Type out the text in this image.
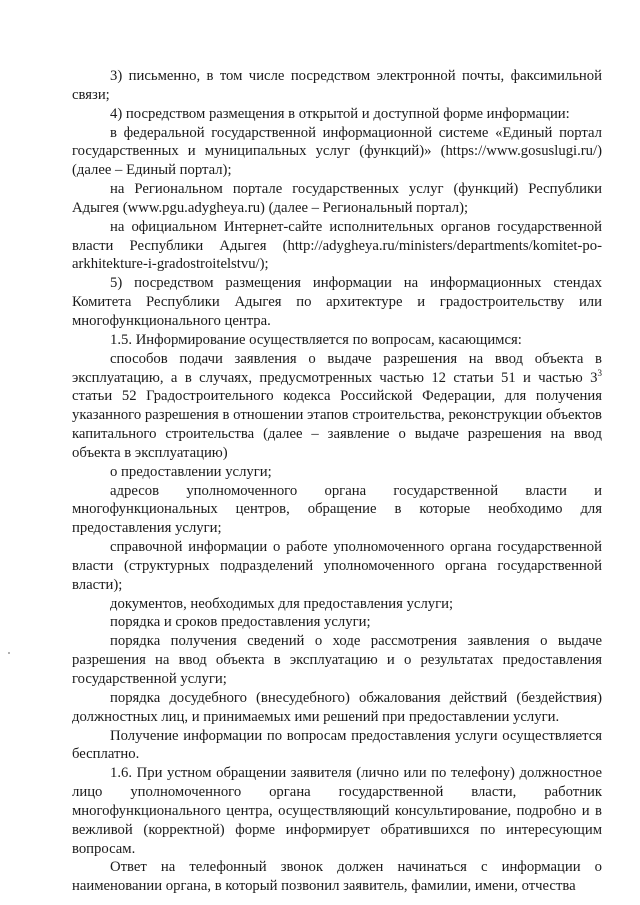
3) письменно, в том числе посредством электронной почты, факсимильной связи;

4) посредством размещения в открытой и доступной форме информации:

в федеральной государственной информационной системе «Единый портал государственных и муниципальных услуг (функций)» (https://www.gosuslugi.ru/) (далее – Единый портал);

на Региональном портале государственных услуг (функций) Республики Адыгея (www.pgu.adygheya.ru) (далее – Региональный портал);

на официальном Интернет-сайте исполнительных органов государственной власти Республики Адыгея (http://adygheya.ru/ministers/departments/komitet-po-arkhitekture-i-gradostroitelstvu/);

5) посредством размещения информации на информационных стендах Комитета Республики Адыгея по архитектуре и градостроительству или многофункционального центра.

1.5. Информирование осуществляется по вопросам, касающимся:

способов подачи заявления о выдаче разрешения на ввод объекта в эксплуатацию, а в случаях, предусмотренных частью 12 статьи 51 и частью $3^3$ статьи 52 Градостроительного кодекса Российской Федерации, для получения указанного разрешения в отношении этапов строительства, реконструкции объектов капитального строительства (далее – заявление о выдаче разрешения на ввод объекта в эксплуатацию)

о предоставлении услуги;

адресов уполномоченного органа государственной власти и многофункциональных центров, обращение в которые необходимо для предоставления услуги;

справочной информации о работе уполномоченного органа государственной власти (структурных подразделений уполномоченного органа государственной власти);

документов, необходимых для предоставления услуги;

порядка и сроков предоставления услуги;

порядка получения сведений о ходе рассмотрения заявления о выдаче разрешения на ввод объекта в эксплуатацию и о результатах предоставления государственной услуги;

порядка досудебного (внесудебного) обжалования действий (бездействия) должностных лиц, и принимаемых ими решений при предоставлении услуги.

Получение информации по вопросам предоставления услуги осуществляется бесплатно.

1.6. При устном обращении заявителя (лично или по телефону) должностное лицо уполномоченного органа государственной власти, работник многофункционального центра, осуществляющий консультирование, подробно и в вежливой (корректной) форме информирует обратившихся по интересующим вопросам.

Ответ на телефонный звонок должен начинаться с информации о наименовании органа, в который позвонил заявитель, фамилии, имени, отчества
